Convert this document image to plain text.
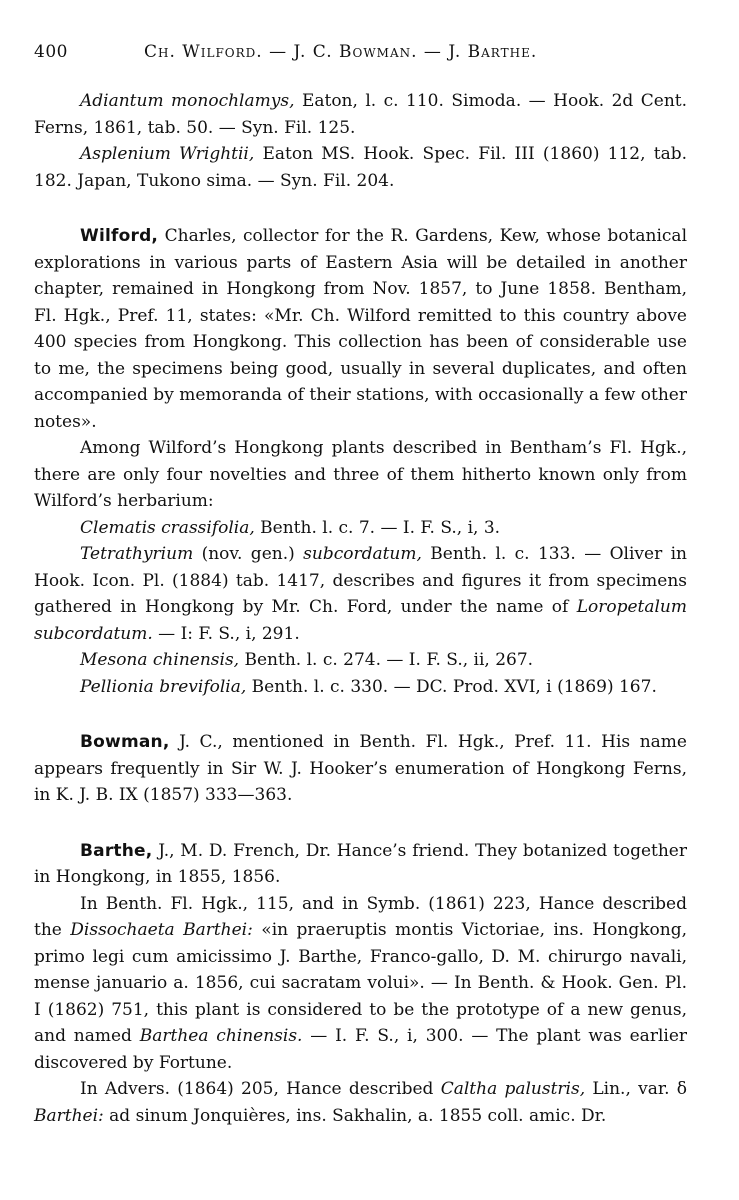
400	Ch. Wilford. — J. C. Bowman. — J. Barthe.

Adiantum monochlamys, Eaton, l. c. 110. Simoda. — Hook. 2d Cent. Ferns, 1861, tab. 50. — Syn. Fil. 125.

Asplenium Wrightii, Eaton MS. Hook. Spec. Fil. III (1860) 112, tab. 182. Japan, Tukono sima. — Syn. Fil. 204.

Wilford, Charles, collector for the R. Gardens, Kew, whose botanical explorations in various parts of Eastern Asia will be detailed in another chapter, remained in Hongkong from Nov. 1857, to June 1858. Bentham, Fl. Hgk., Pref. 11, states: «Mr. Ch. Wilford remitted to this country above 400 species from Hongkong. This collection has been of considerable use to me, the specimens being good, usually in several duplicates, and often accompanied by memoranda of their stations, with occasionally a few other notes».

Among Wilford’s Hongkong plants described in Bentham’s Fl. Hgk., there are only four novelties and three of them hitherto known only from Wilford’s herbarium:

Clematis crassifolia, Benth. l. c. 7. — I. F. S., i, 3.

Tetrathyrium (nov. gen.) subcordatum, Benth. l. c. 133. — Oliver in Hook. Icon. Pl. (1884) tab. 1417, describes and figures it from specimens gathered in Hongkong by Mr. Ch. Ford, under the name of Loropetalum subcordatum. — I: F. S., i, 291.

Mesona chinensis, Benth. l. c. 274. — I. F. S., ii, 267.

Pellionia brevifolia, Benth. l. c. 330. — DC. Prod. XVI, i (1869) 167.

Bowman, J. C., mentioned in Benth. Fl. Hgk., Pref. 11. His name appears frequently in Sir W. J. Hooker’s enumeration of Hongkong Ferns, in K. J. B. IX (1857) 333—363.

Barthe, J., M. D. French, Dr. Hance’s friend. They botanized together in Hongkong, in 1855, 1856.

In Benth. Fl. Hgk., 115, and in Symb. (1861) 223, Hance described the Dissochaeta Barthei: «in praeruptis montis Victoriae, ins. Hongkong, primo legi cum amicissimo J. Barthe, Franco-gallo, D. M. chirurgo navali, mense januario a. 1856, cui sacratam volui». — In Benth. & Hook. Gen. Pl. I (1862) 751, this plant is considered to be the prototype of a new genus, and named Barthea chinensis. — I. F. S., i, 300. — The plant was earlier discovered by Fortune.

In Advers. (1864) 205, Hance described Caltha palustris, Lin., var. δ Barthei: ad sinum Jonquières, ins. Sakhalin, a. 1855 coll. amic. Dr.
